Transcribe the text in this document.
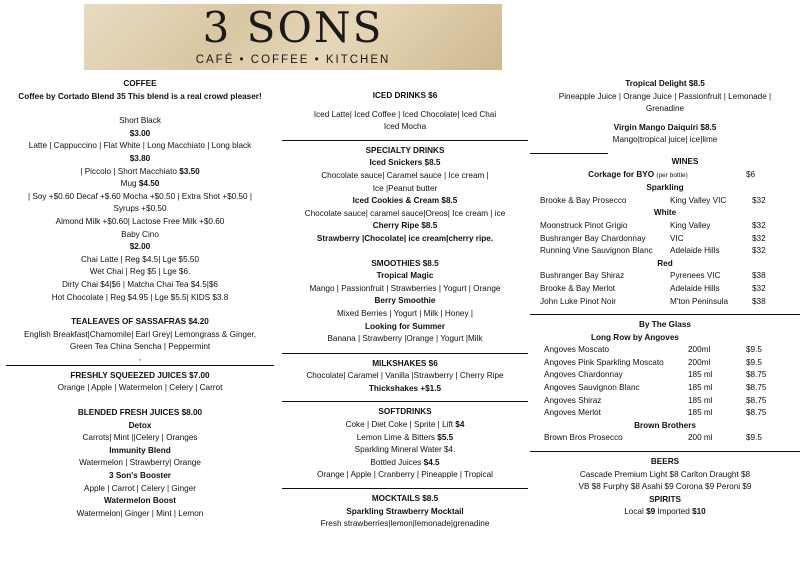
3 SONS
CAFÉ • COFFEE • KITCHEN
COFFEE
Coffee by Cortado Blend 35 This blend is a real crowd pleaser!
Short Black
$3.00
Latte | Cappuccino | Flat White | Long Macchiato | Long black
$3.80
| Piccolo | Short Macchiato $3.50
Mug $4.50
| Soy +$0.60 Decaf +$.60 Mocha +$0.50 | Extra Shot +$0.50 |
Syrups +$0.50
Almond Milk +$0.60| Lactose Free Milk +$0.60
Baby Cino
$2.00
Chai Latte | Reg $4.5| Lge $5.50
Wet Chai | Reg $5 | Lge $6.
Dirty Chai $4|$6 | Matcha Chai Tea $4.5|$6
Hot Chocolate | Reg $4.95 | Lge $5.5| KIDS $3.8
TEALEAVES OF SASSAFRAS $4.20
English Breakfast|Chamomile| Earl Grey| Lemongrass & Ginger,
Green Tea China Sencha | Peppermint
,
FRESHLY SQUEEZED JUICES $7.00
Orange | Apple | Watermelon | Celery | Carrot
BLENDED FRESH JUICES $8.00
Detox
Carrots| Mint ||Celery | Oranges
Immunity Blend
Watermelon | Strawberry| Orange
3 Son's Booster
Apple | Carrot | Celery | Ginger
Watermelon Boost
Watermelon| Ginger | Mint | Lemon
ICED DRINKS $6
Iced Latte| Iced Coffee | Iced Chocolate| Iced Chai
Iced Mocha
SPECIALTY DRINKS
Iced Snickers $8.5
Chocolate sauce| Caramel sauce | Ice cream |
Ice |Peanut butter
Iced Cookies & Cream $8.5
Chocolate sauce| caramel sauce|Oreos| Ice cream | ice
Cherry Ripe $8.5
Strawberry |Chocolate| ice cream|cherry ripe.
SMOOTHIES $8.5
Tropical Magic
Mango | Passionfruit | Strawberries | Yogurt | Orange
Berry Smoothie
Mixed Berries | Yogurt | Milk | Honey |
Looking for Summer
Banana | Strawberry |Orange | Yogurt |Milk
MILKSHAKES $6
Chocolate| Caramel | Vanilla |Strawberry | Cherry Ripe
Thickshakes +$1.5
SOFTDRINKS
Coke | Diet Coke | Sprite | Lift $4
Lemon Lime & Bitters $5.5
Sparkling Mineral Water $4.
Bottled Juices $4.5
Orange | Apple | Cranberry | Pineapple | Tropical
MOCKTAILS $8.5
Sparkling Strawberry Mocktail
Fresh strawberries|lemon|lemonade|grenadine
Tropical Delight $8.5
Pineapple Juice | Orange Juice | Passionfruit | Lemonade |
Grenadine
Virgin Mango Daiquiri $8.5
Mango|tropical juice| ice|lime
WINES
Corkage for BYO (per bottle)	$6
Sparkling
Brooke & Bay Prosecco	King Valley VIC	$32
White
Moonstruck Pinot Grigio	King Valley	$32
Bushranger Bay Chardonnay	VIC	$32
Running Vine Sauvignon Blanc	Adelaide Hills	$32
Red
Bushranger Bay Shiraz	Pyrenees VIC	$38
Brooke & Bay Merlot	Adelaide Hills	$32
John Luke Pinot Noir	M'ton Peninsula	$38
By The Glass
Long Row by Angoves
Angoves Moscato	200ml	$9.5
Angoves Pink Sparkling Moscato	200ml	$9.5
Angoves Chardonnay	185 ml	$8.75
Angoves Sauvignon Blanc	185 ml	$8.75
Angoves Shiraz	185 ml	$8.75
Angoves Merlot	185 ml	$8.75
Brown Brothers
Brown Bros Prosecco	200 ml	$9.5
BEERS
Cascade Premium Light $8 Carlton Draught $8
VB $8 Furphy $8 Asahi $9 Corona $9 Peroni $9
SPIRITS
Local $9 Imported $10
